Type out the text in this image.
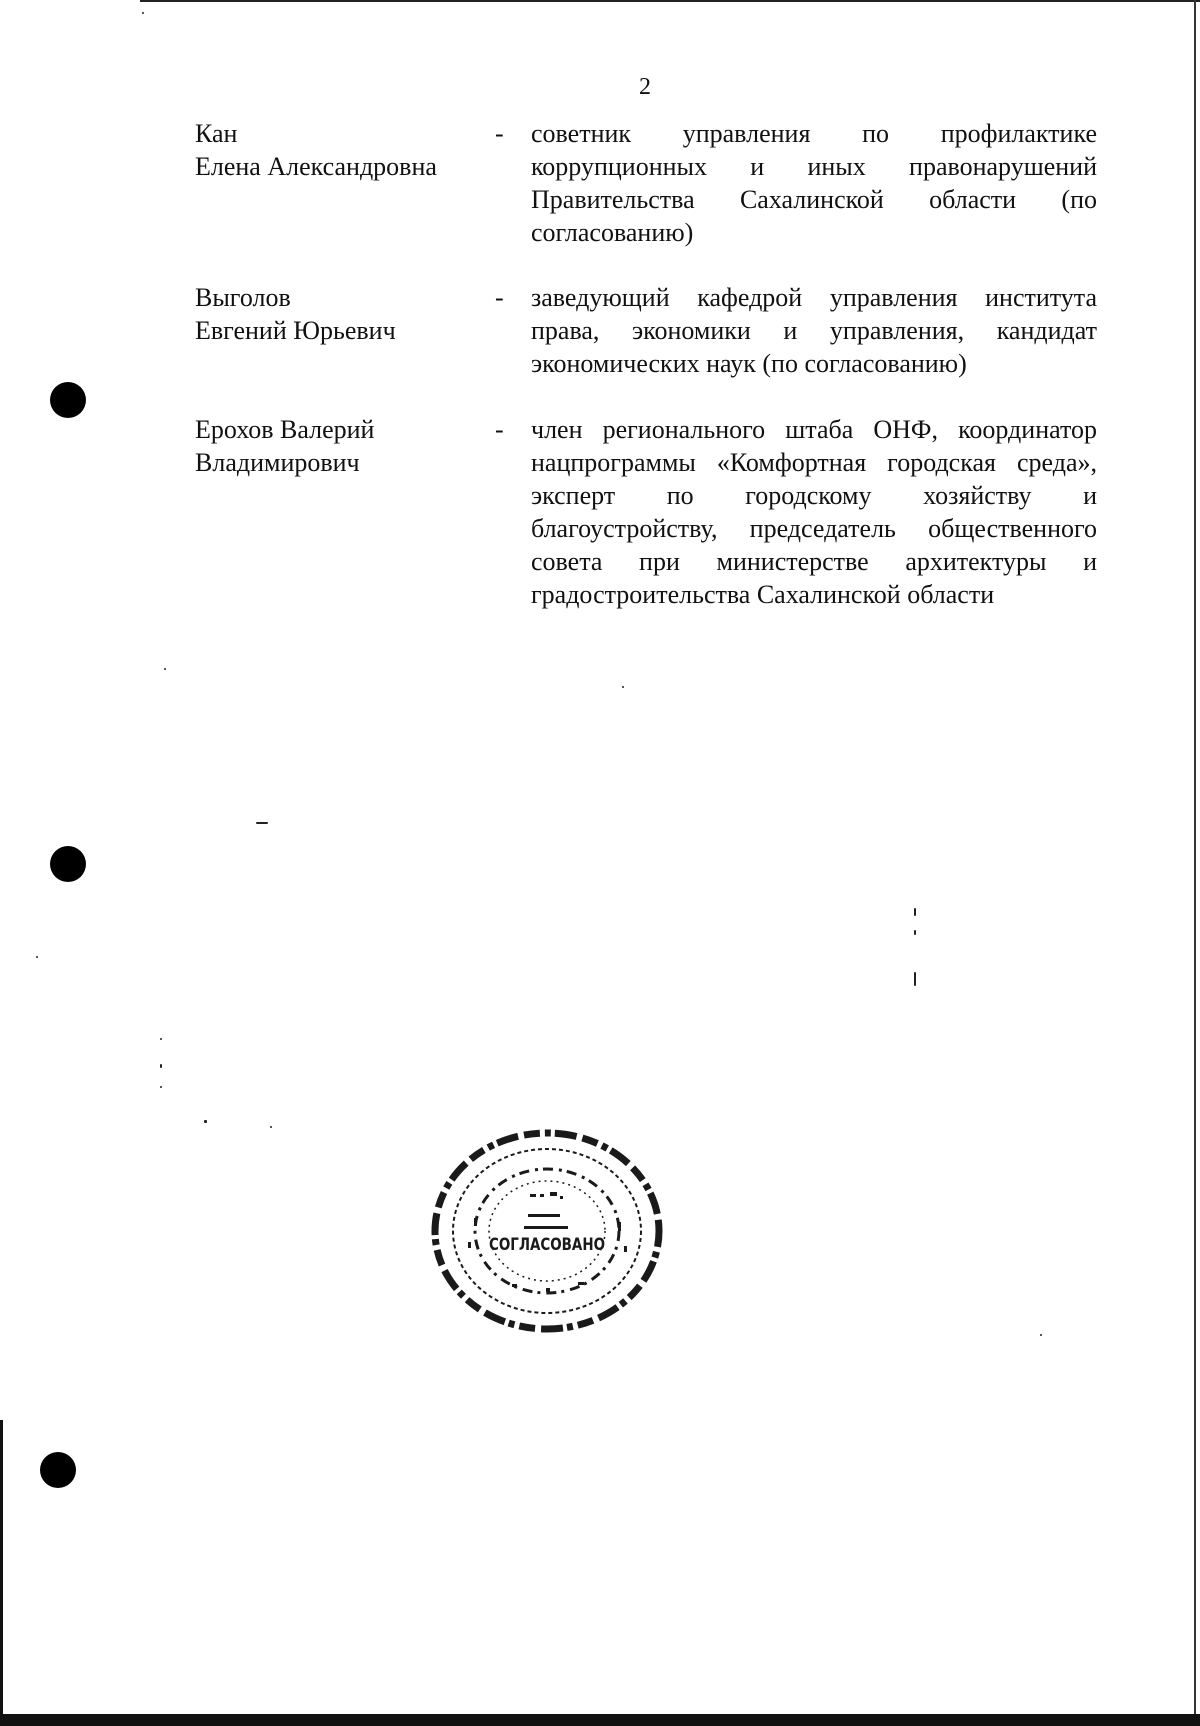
2
Кан
Елена Александровна
- советник управления по профилактике коррупционных и иных правонарушений Правительства Сахалинской области (по согласованию)
Выголов
Евгений Юрьевич
- заведующий кафедрой управления института права, экономики и управления, кандидат экономических наук (по согласованию)
Ерохов Валерий
Владимирович
- член регионального штаба ОНФ, координатор нацпрограммы «Комфортная городская среда», эксперт по городскому хозяйству и благоустройству, председатель общественного совета при министерстве архитектуры и градостроительства Сахалинской области
СОГЛАСОВАНО
